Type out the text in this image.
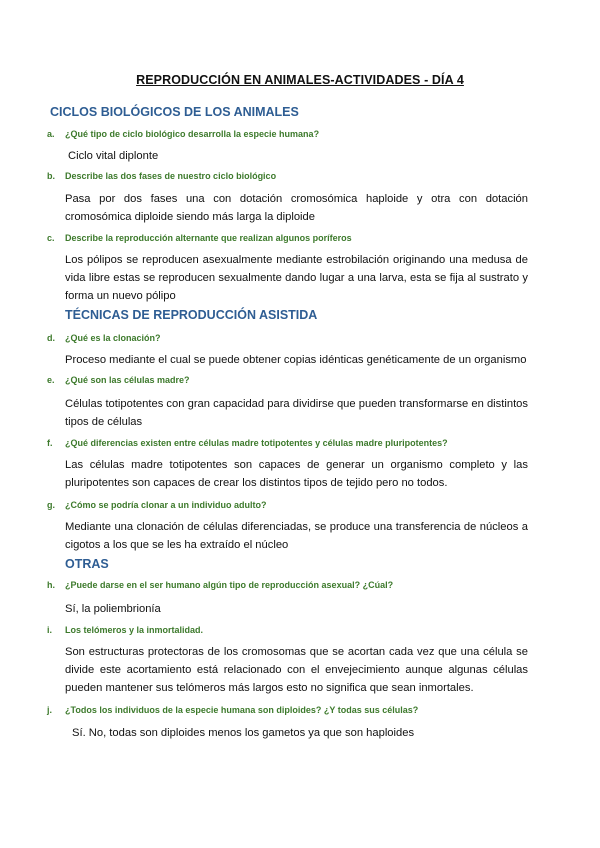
REPRODUCCIÓN EN ANIMALES-ACTIVIDADES - DÍA 4
CICLOS BIOLÓGICOS DE LOS ANIMALES
a. ¿Qué tipo de ciclo biológico desarrolla la especie humana?
Ciclo vital diplonte
b. Describe las dos fases de nuestro ciclo biológico
Pasa por dos fases una con dotación cromosómica haploide y otra con dotación cromosómica diploide siendo más larga la diploide
c. Describe la reproducción alternante que realizan algunos poríferos
Los pólipos se reproducen asexualmente mediante estrobilación originando una medusa de vida libre estas se reproducen sexualmente dando lugar a una larva, esta se fija al sustrato y forma un nuevo pólipo
TÉCNICAS DE REPRODUCCIÓN ASISTIDA
d. ¿Qué es la clonación?
Proceso mediante el cual se puede obtener copias idénticas genéticamente de un organismo
e. ¿Qué son las células madre?
Células totipotentes con gran capacidad para dividirse que pueden transformarse en distintos tipos de células
f. ¿Qué diferencias existen entre células madre totipotentes y células madre pluripotentes?
Las células madre totipotentes son capaces de generar un organismo completo y las pluripotentes son capaces de crear los distintos tipos de tejido pero no todos.
g. ¿Cómo se podría clonar a un individuo adulto?
Mediante una clonación de células diferenciadas, se produce una transferencia de núcleos a cigotos a los que se les ha extraído el núcleo
OTRAS
h. ¿Puede darse en el ser humano algún tipo de reproducción asexual? ¿Cúal?
Sí, la poliembrionía
i. Los telómeros y la inmortalidad.
Son estructuras protectoras de los cromosomas que se acortan cada vez que una célula se divide este acortamiento está relacionado con el envejecimiento aunque algunas células pueden mantener sus telómeros más largos esto no significa que sean inmortales.
j. ¿Todos los individuos de la especie humana son diploides? ¿Y todas sus células?
Sí. No, todas son diploides menos los gametos ya que son haploides
